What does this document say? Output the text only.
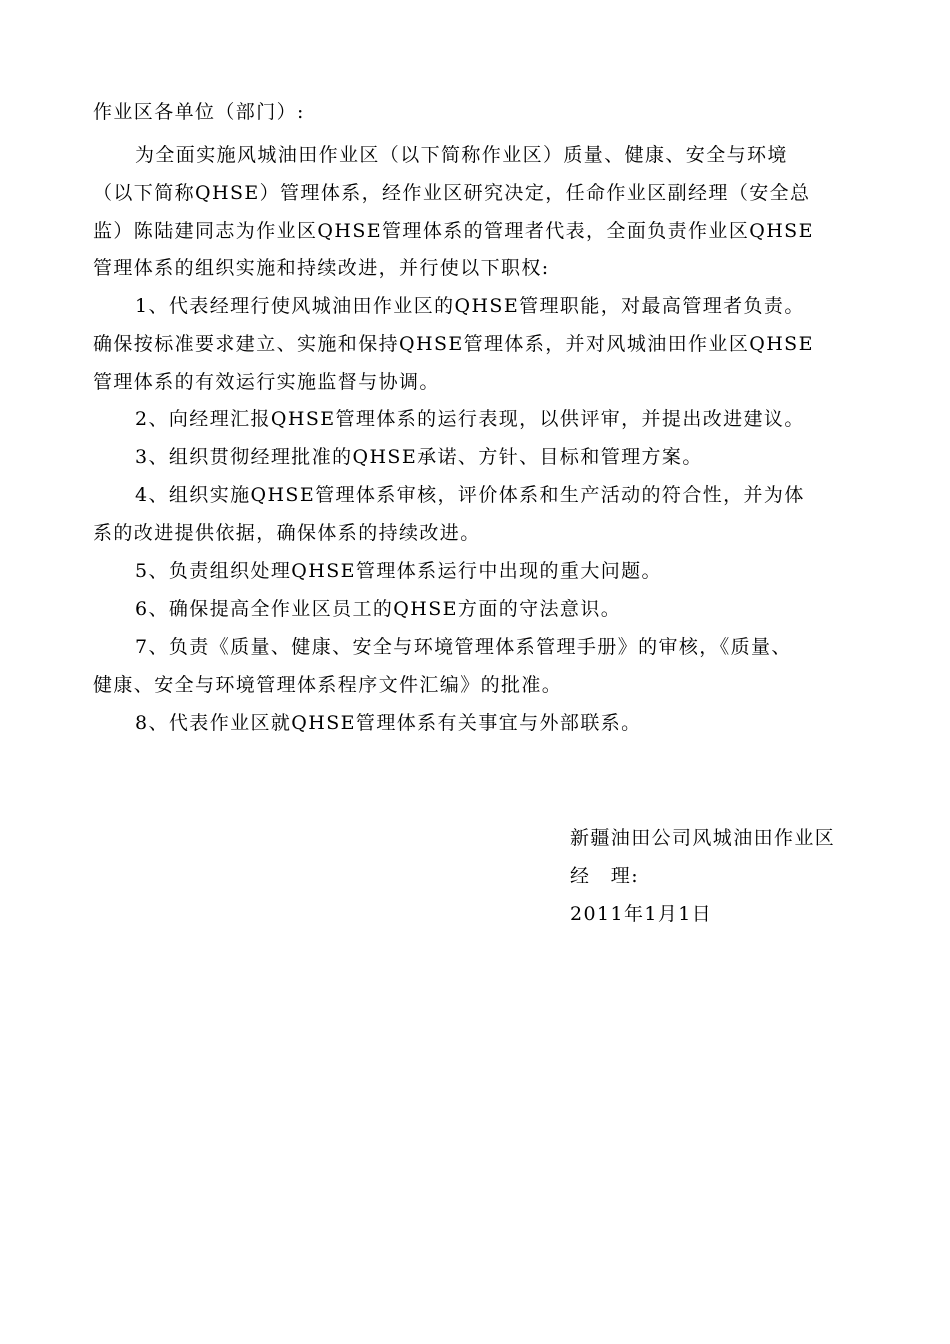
作业区各单位（部门）:
为全面实施风城油田作业区（以下简称作业区）质量、健康、安全与环境
（以下简称QHSE）管理体系，经作业区研究决定，任命作业区副经理（安全总
监）陈陆建同志为作业区QHSE管理体系的管理者代表，全面负责作业区QHSE
管理体系的组织实施和持续改进，并行使以下职权:
1、代表经理行使风城油田作业区的QHSE管理职能，对最高管理者负责。
确保按标准要求建立、实施和保持QHSE管理体系，并对风城油田作业区QHSE
管理体系的有效运行实施监督与协调。
2、向经理汇报QHSE管理体系的运行表现，以供评审，并提出改进建议。
3、组织贯彻经理批准的QHSE承诺、方针、目标和管理方案。
4、组织实施QHSE管理体系审核，评价体系和生产活动的符合性，并为体
系的改进提供依据，确保体系的持续改进。
5、负责组织处理QHSE管理体系运行中出现的重大问题。
6、确保提高全作业区员工的QHSE方面的守法意识。
7、负责《质量、健康、安全与环境管理体系管理手册》的审核，《质量、
健康、安全与环境管理体系程序文件汇编》的批准。
8、代表作业区就QHSE管理体系有关事宜与外部联系。
新疆油田公司风城油田作业区
经　理:
2011年1月1日
